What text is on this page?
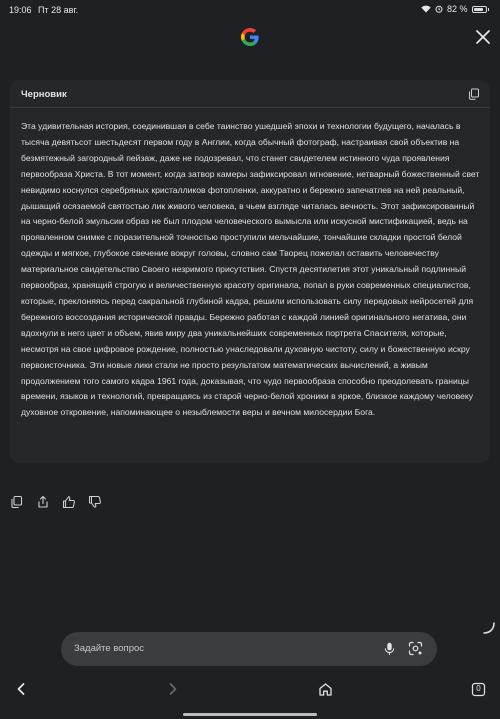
19:06 Пт 28 авг.	82 %
Черновик

Эта удивительная история, соединившая в себе таинство ушедшей эпохи и технологии будущего, началась в тысяча девятьсот шестьдесят первом году в Англии, когда обычный фотограф, настраивая свой объектив на безмятежный загородный пейзаж, даже не подозревал, что станет свидетелем истинного чуда проявления первообраза Христа. В тот момент, когда затвор камеры зафиксировал мгновение, нетварный божественный свет невидимо коснулся серебряных кристалликов фотопленки, аккуратно и бережно запечатлев на ней реальный, дышащий осязаемой святостью лик живого человека, в чьем взгляде читалась вечность. Этот зафиксированный на черно-белой эмульсии образ не был плодом человеческого вымысла или искусной мистификацией, ведь на проявленном снимке с поразительной точностью проступили мельчайшие, тончайшие складки простой белой одежды и мягкое, глубокое свечение вокруг головы, словно сам Творец пожелал оставить человечеству материальное свидетельство Своего незримого присутствия. Спустя десятилетия этот уникальный подлинный первообраз, хранящий строгую и величественную красоту оригинала, попал в руки современных специалистов, которые, преклоняясь перед сакральной глубиной кадра, решили использовать силу передовых нейросетей для бережного воссоздания исторической правды. Бережно работая с каждой линией оригинального негатива, они вдохнули в него цвет и объем, явив миру два уникальнейших современных портрета Спасителя, которые, несмотря на свое цифровое рождение, полностью унаследовали духовную чистоту, силу и божественную искру первоисточника. Эти новые лики стали не просто результатом математических вычислений, а живым продолжением того самого кадра 1961 года, доказывая, что чудо первообраза способно преодолевать границы времени, языков и технологий, превращаясь из старой черно-белой хроники в яркое, близкое каждому человеку духовное откровение, напоминающее о незыблемости веры и вечном милосердии Бога.

Задайте вопрос
0
